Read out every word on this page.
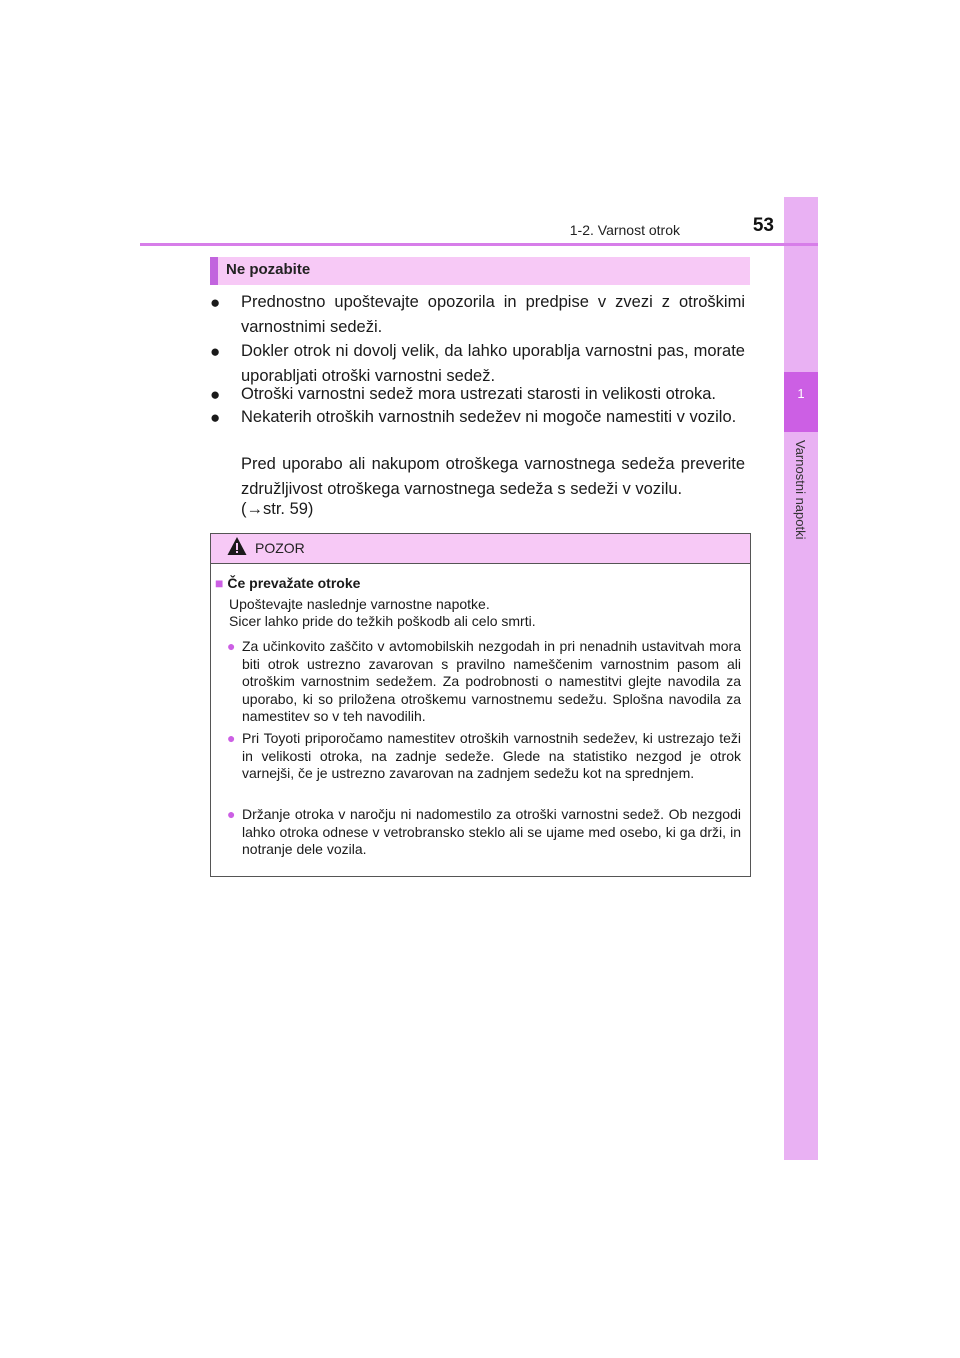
1
Varnostni napotki
1-2. Varnost otrok	53
Ne pozabite
● Prednostno upoštevajte opozorila in predpise v zvezi z otroškimi varnostnimi sedeži.
● Dokler otrok ni dovolj velik, da lahko uporablja varnostni pas, morate uporabljati otroški varnostni sedež.
● Otroški varnostni sedež mora ustrezati starosti in velikosti otroka.
● Nekaterih otroških varnostnih sedežev ni mogoče namestiti v vozilo.
Pred uporabo ali nakupom otroškega varnostnega sedeža preverite združljivost otroškega varnostnega sedeža s sedeži v vozilu.
(→str. 59)
POZOR
■ Če prevažate otroke
Upoštevajte naslednje varnostne napotke.
Sicer lahko pride do težkih poškodb ali celo smrti.
● Za učinkovito zaščito v avtomobilskih nezgodah in pri nenadnih ustavitvah mora biti otrok ustrezno zavarovan s pravilno nameščenim varnostnim pasom ali otroškim varnostnim sedežem. Za podrobnosti o namestitvi glejte navodila za uporabo, ki so priložena otroškemu varnostnemu sedežu. Splošna navodila za namestitev so v teh navodilih.
● Pri Toyoti priporočamo namestitev otroških varnostnih sedežev, ki ustrezajo teži in velikosti otroka, na zadnje sedeže. Glede na statistiko nezgod je otrok varnejši, če je ustrezno zavarovan na zadnjem sedežu kot na sprednjem.
● Držanje otroka v naročju ni nadomestilo za otroški varnostni sedež. Ob nezgodi lahko otroka odnese v vetrobransko steklo ali se ujame med osebo, ki ga drži, in notranje dele vozila.
